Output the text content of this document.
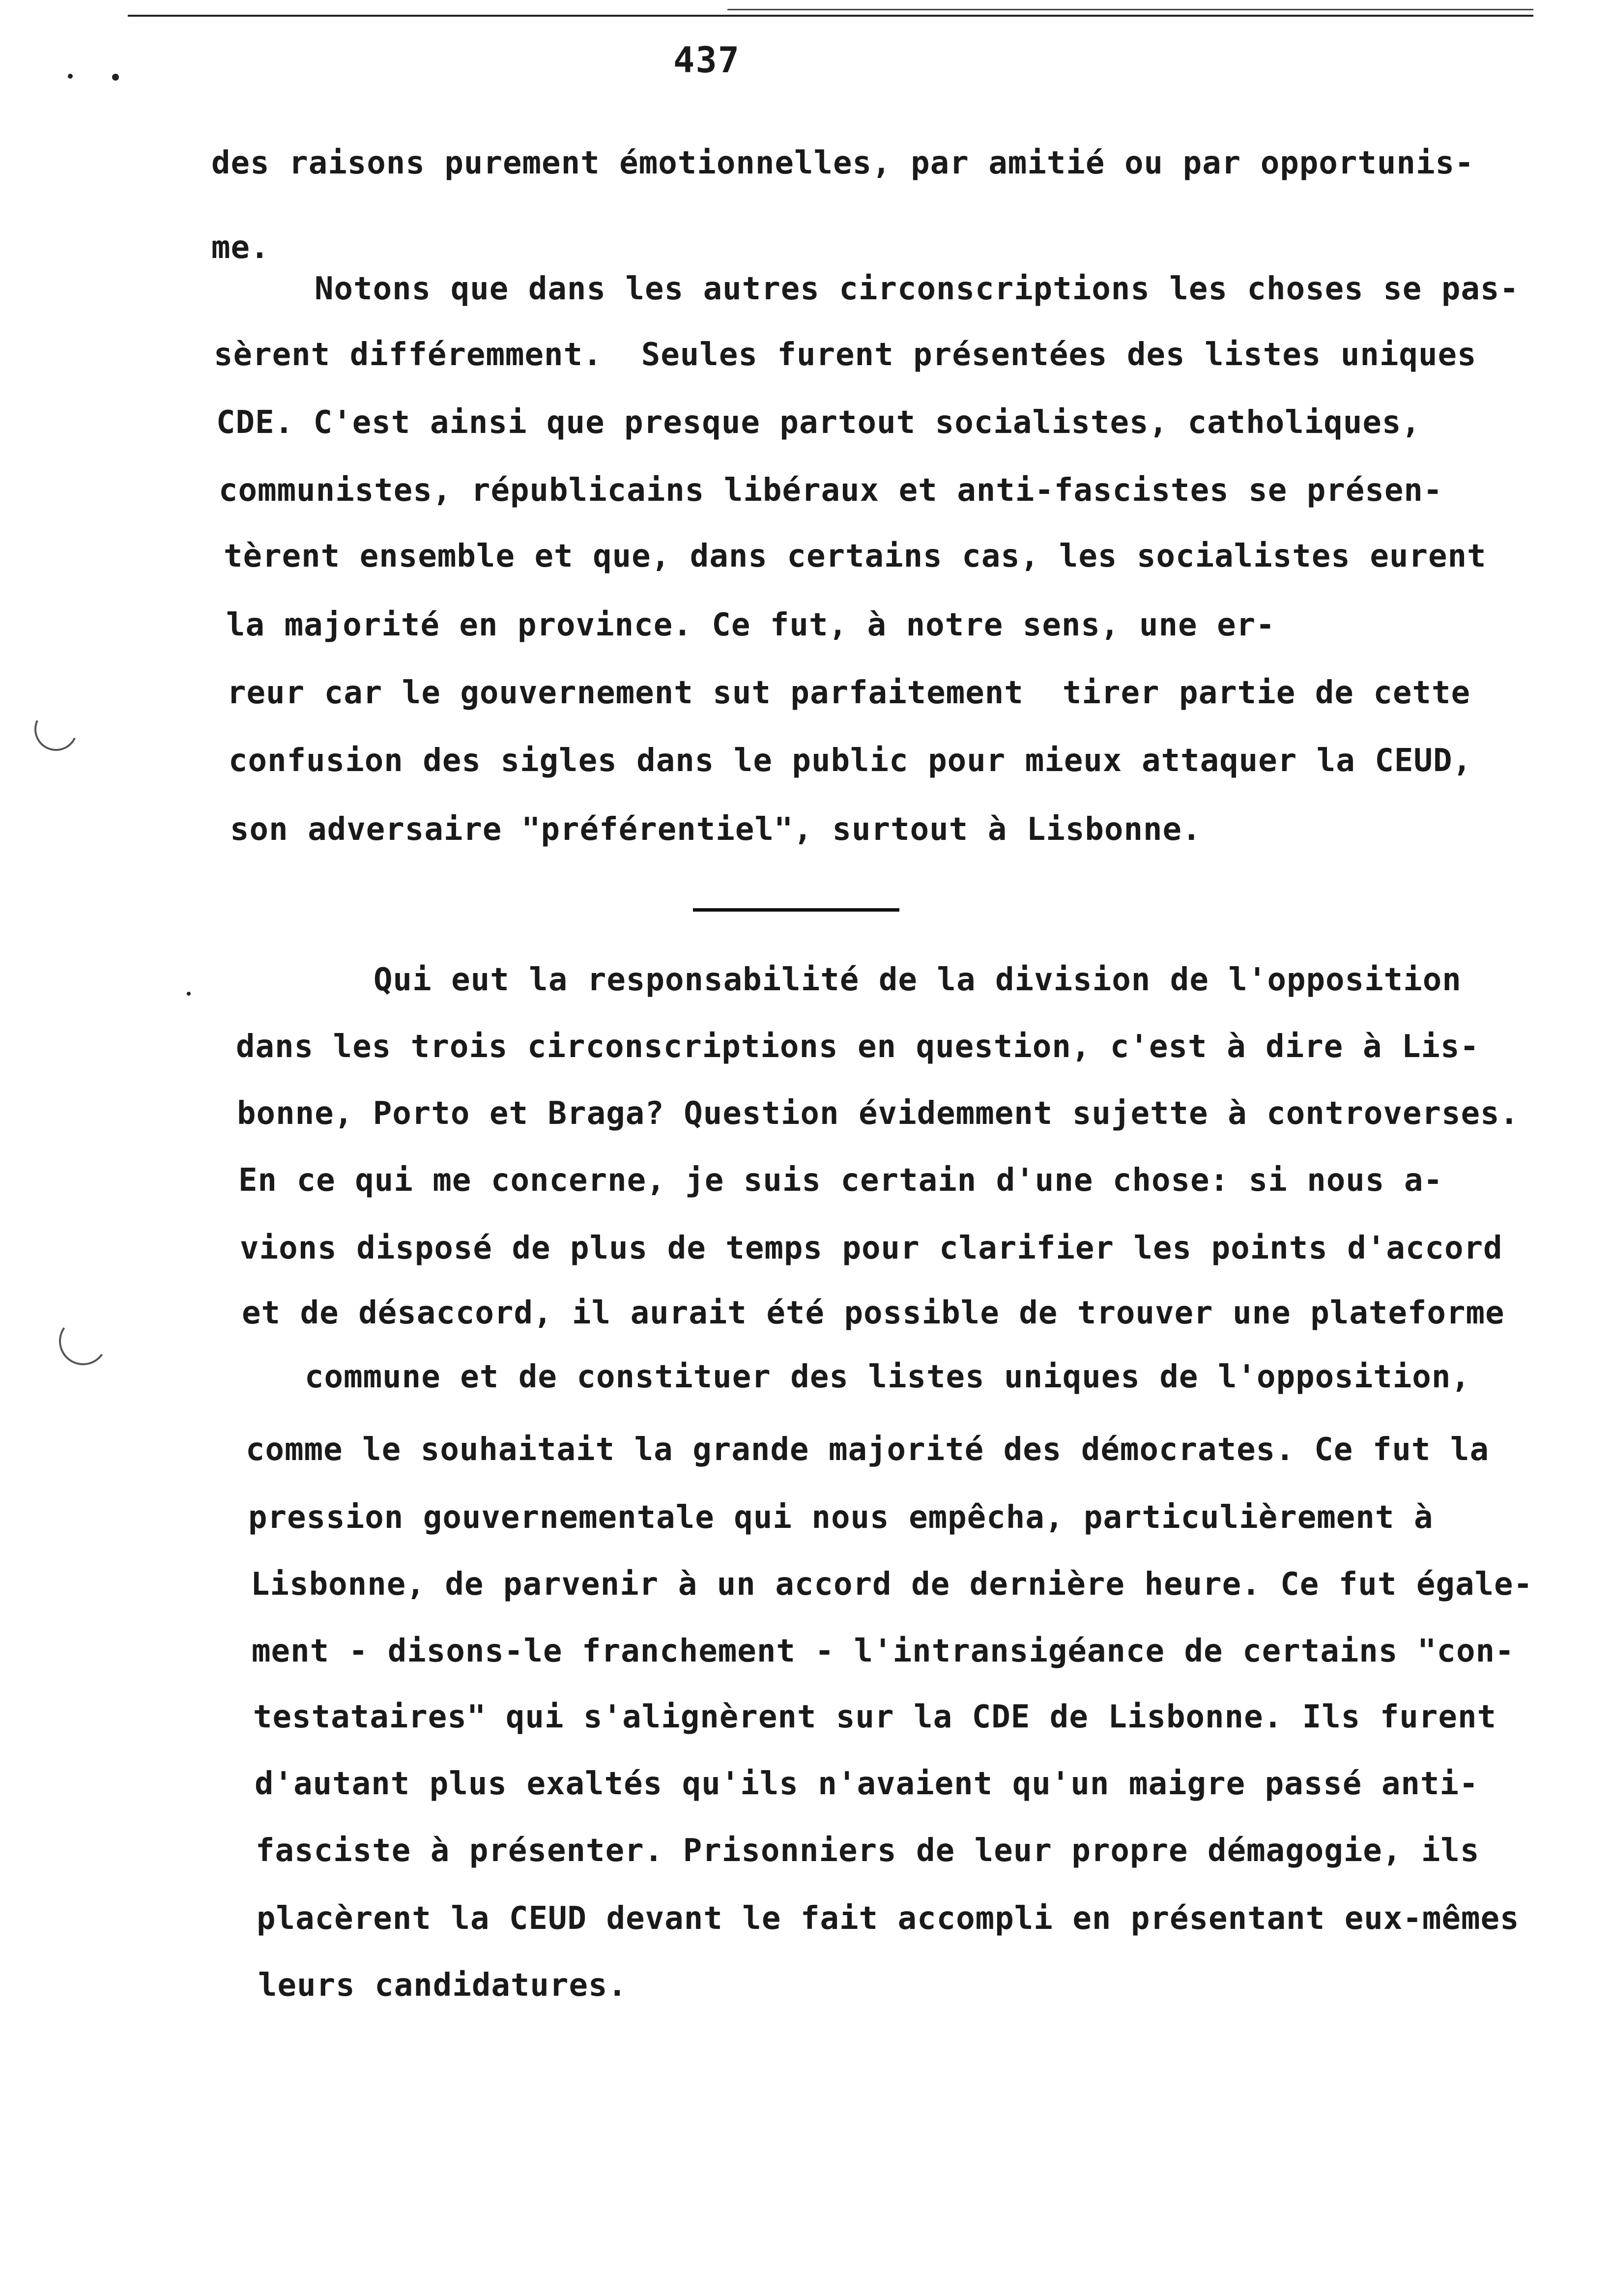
437
des raisons purement émotionnelles, par amitié ou par opportunis-
me.
Notons que dans les autres circonscriptions les choses se pas-
sèrent différemment.  Seules furent présentées des listes uniques
CDE. C'est ainsi que presque partout socialistes, catholiques,
communistes, républicains libéraux et anti-fascistes se présen-
tèrent ensemble et que, dans certains cas, les socialistes eurent
la majorité en province. Ce fut, à notre sens, une er-
reur car le gouvernement sut parfaitement  tirer partie de cette
confusion des sigles dans le public pour mieux attaquer la CEUD,
son adversaire "préférentiel", surtout à Lisbonne.
Qui eut la responsabilité de la division de l'opposition
dans les trois circonscriptions en question, c'est à dire à Lis-
bonne, Porto et Braga? Question évidemment sujette à controverses.
En ce qui me concerne, je suis certain d'une chose: si nous a-
vions disposé de plus de temps pour clarifier les points d'accord
et de désaccord, il aurait été possible de trouver une plateforme
commune et de constituer des listes uniques de l'opposition,
comme le souhaitait la grande majorité des démocrates. Ce fut la
pression gouvernementale qui nous empêcha, particulièrement à
Lisbonne, de parvenir à un accord de dernière heure. Ce fut égale-
ment - disons-le franchement - l'intransigéance de certains "con-
testataires" qui s'alignèrent sur la CDE de Lisbonne. Ils furent
d'autant plus exaltés qu'ils n'avaient qu'un maigre passé anti-
fasciste à présenter. Prisonniers de leur propre démagogie, ils
placèrent la CEUD devant le fait accompli en présentant eux-mêmes
leurs candidatures.
